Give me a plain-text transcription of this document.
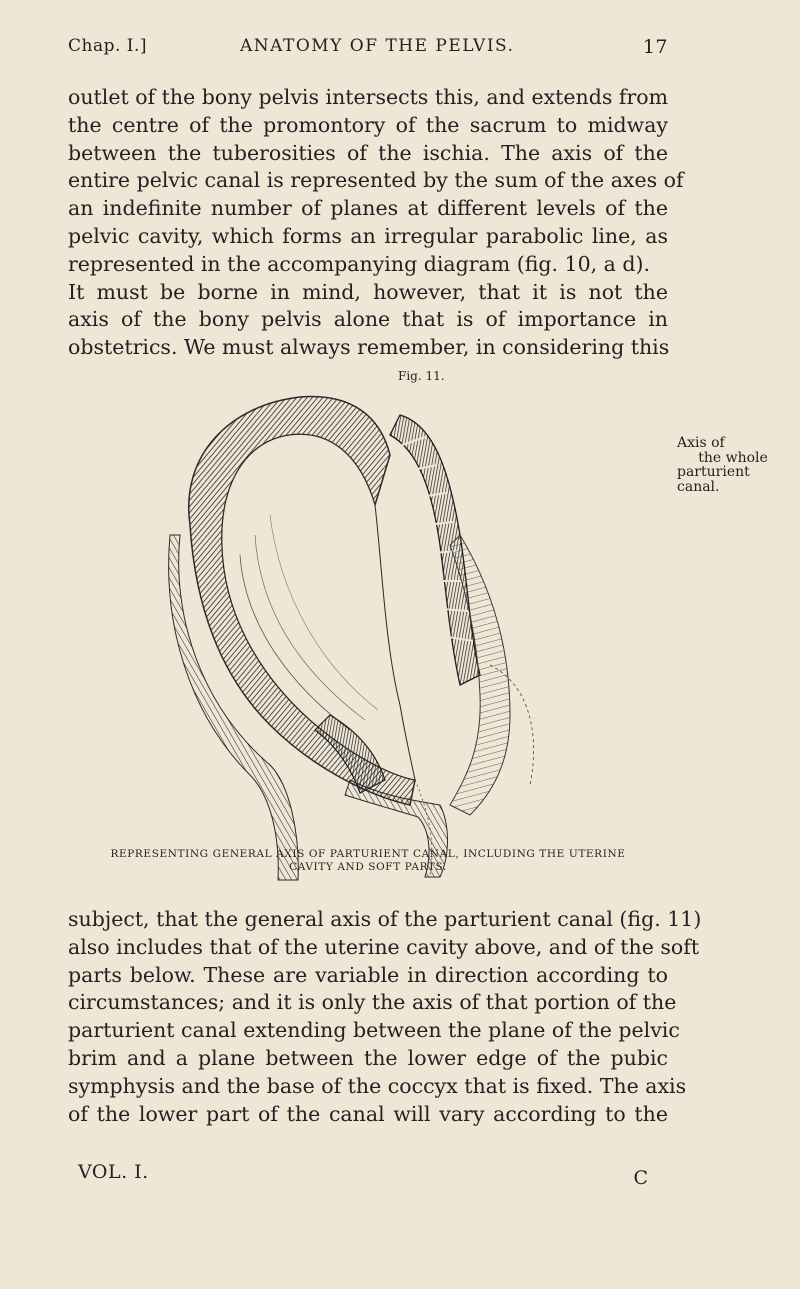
Chap. I.]	ANATOMY OF THE PELVIS.	17

outlet of the bony pelvis intersects this, and extends from
the centre of the promontory of the sacrum to midway
between the tuberosities of the ischia. The axis of the
entire pelvic canal is represented by the sum of the axes of
an indefinite number of planes at different levels of the
pelvic cavity, which forms an irregular parabolic line, as
represented in the accompanying diagram (fig. 10, a d).
It must be borne in mind, however, that it is not the
axis of the bony pelvis alone that is of importance in
obstetrics. We must always remember, in considering this

Axis of
the whole
parturient
canal.
Fig. 11.
REPRESENTING GENERAL AXIS OF PARTURIENT CANAL, INCLUDING THE UTERINE
CAVITY AND SOFT PARTS.

subject, that the general axis of the parturient canal (fig. 11)
also includes that of the uterine cavity above, and of the soft
parts below. These are variable in direction according to
circumstances; and it is only the axis of that portion of the
parturient canal extending between the plane of the pelvic
brim and a plane between the lower edge of the pubic
symphysis and the base of the coccyx that is fixed. The axis
of the lower part of the canal will vary according to the

VOL. I.	C
